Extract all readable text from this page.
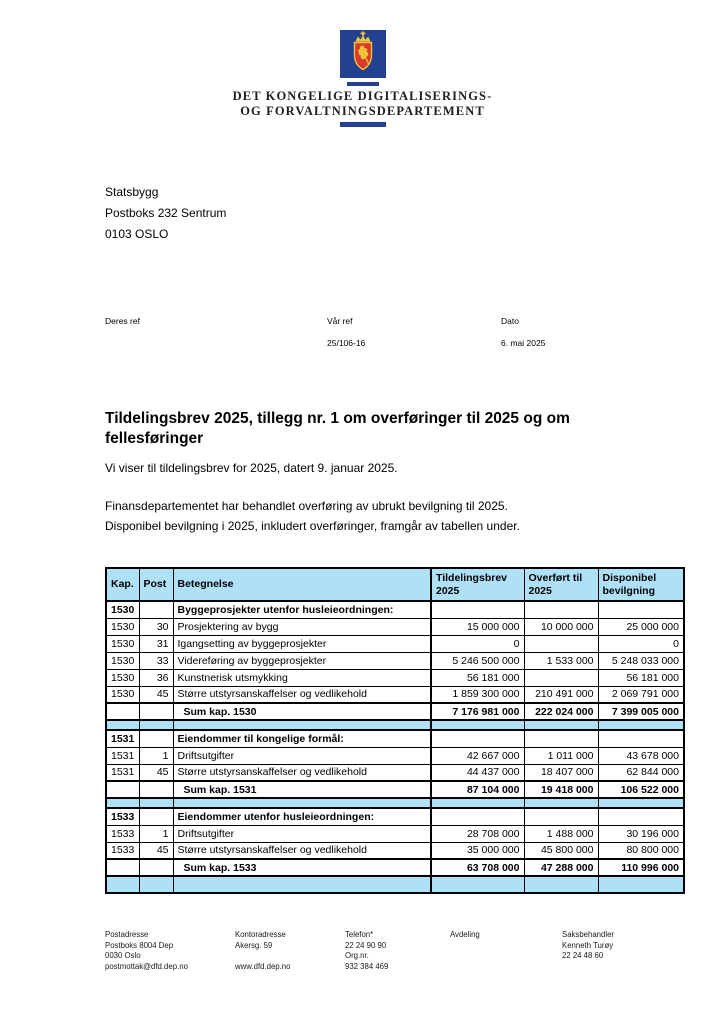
DET KONGELIGE DIGITALISERINGS-
OG FORVALTNINGSDEPARTEMENT
Statsbygg
Postboks 232 Sentrum
0103 OSLO
Deres ref	Vår ref
25/106-16
Dato
6. mai 2025
Tildelingsbrev 2025, tillegg nr. 1 om overføringer til 2025 og om fellesføringer
Vi viser til tildelingsbrev for 2025, datert 9. januar 2025.
Finansdepartementet har behandlet overføring av ubrukt bevilgning til 2025.
Disponibel bevilgning i 2025, inkludert overføringer, framgår av tabellen under.
Kap.	Post	Betegnelse	Tildelingsbrev 2025	Overført til 2025	Disponibel bevilgning
1530		Byggeprosjekter utenfor husleieordningen:			
1530	30	Prosjektering av bygg	15 000 000	10 000 000	25 000 000
1530	31	Igangsetting av byggeprosjekter	0		0
1530	33	Videreføring av byggeprosjekter	5 246 500 000	1 533 000	5 248 033 000
1530	36	Kunstnerisk utsmykking	56 181 000		56 181 000
1530	45	Større utstyrsanskaffelser og vedlikehold	1 859 300 000	210 491 000	2 069 791 000
		Sum kap. 1530	7 176 981 000	222 024 000	7 399 005 000

1531		Eiendommer til kongelige formål:			
1531	1	Driftsutgifter	42 667 000	1 011 000	43 678 000
1531	45	Større utstyrsanskaffelser og vedlikehold	44 437 000	18 407 000	62 844 000
		Sum kap. 1531	87 104 000	19 418 000	106 522 000

1533		Eiendommer utenfor husleieordningen:			
1533	1	Driftsutgifter	28 708 000	1 488 000	30 196 000
1533	45	Større utstyrsanskaffelser og vedlikehold	35 000 000	45 800 000	80 800 000
		Sum kap. 1533	63 708 000	47 288 000	110 996 000

Postadresse
Postboks 8004 Dep
0030 Oslo
postmottak@dfd.dep.no
Kontoradresse
Akersg. 59
www.dfd.dep.no
Telefon*
22 24 90 90
Org.nr.
932 384 469
Avdeling	Saksbehandler
Kenneth Turøy
22 24 48 60
